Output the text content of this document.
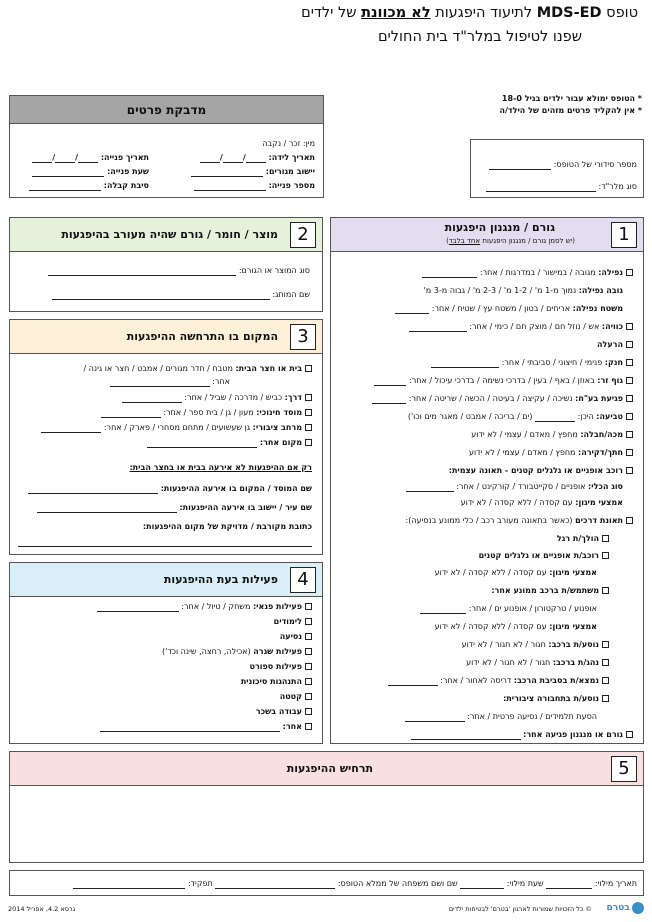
טופס MDS-ED לתיעוד היפגעות לא מכוונת של ילדים
שפנו לטיפול במלר"ד בית החולים
* הטופס ימולא עבור ילדים בגיל 18-0
* אין להקליד פרטים מזהים של הילד/ה
מספר סידורי של הטופס:
סוג מלר"ד:
מדבקת פרטים
מין: זכר / נקבה
תאריך לידה: //
תאריך פנייה: //
יישוב מגורים:
שעת פנייה:
מספר פנייה:
סיבת קבלה:
1
גורם / מנגנון היפגעות
(יש לסמן גורם / מנגנון היפגעות אחד בלבד)
נפילה: מגובה / במישור / במדרגות / אחר:
גובה נפילה: נמוך מ-1 מ' / 1-2 מ' / 2-3 מ' / גבוה מ-3 מ'
משטח נפילה: אריחים / בטון / משטח עץ / שטיח / אחר:
כוויה: אש / נוזל חם / מוצק חם / כימי / אחר:
הרעלה
חנק: פנימי / חיצוני / סביבתי / אחר:
גוף זר: באוזן / באף / בעין / בדרכי נשימה / בדרכי עיכול / אחר:
פגיעת בע"ח: נשיכה / עקיצה / בעיטה / הכשה / שריטה / אחר:
טביעה: היכן:  (ים / בריכה / אמבט / מאגר מים וכו')
מכה/חבלה: מחפץ / מאדם / עצמי / לא ידוע
חתך/דקירה: מחפץ / מאדם / עצמי / לא ידוע
רוכב אופניים או גלגלים קטנים - תאונה עצמית:
סוג הכלי: אופניים / סקייטבורד / קורקינט / אחר:
אמצעי מיגון: עם קסדה / ללא קסדה / לא ידוע
תאונת דרכים (כאשר בתאונה מעורב רכב / כלי ממונע בנסיעה):
הולך/ת רגל
רוכב/ת אופניים או גלגלים קטנים
אמצעי מיגון: עם קסדה / ללא קסדה / לא ידוע
משתמש/ת ברכב ממונע אחר:
אופנוע / טרקטורון / אופנוע ים / אחר:
אמצעי מיגון: עם קסדה / ללא קסדה / לא ידוע
נוסע/ת ברכב: חגור / לא חגור / לא ידוע
נהג/ת ברכב: חגור / לא חגור / לא ידוע
נמצא/ת בסביבת הרכב: דריסה לאחור / אחר:
נוסע/ת בתחבורה ציבורית:
הסעת תלמידים / נסיעה פרטית / אחר:
גורם או מנגנון פגיעה אחר:
2
מוצר / חומר / גורם שהיה מעורב בהיפגעות
סוג המוצר או הגורם:
שם המותג:
3
המקום בו התרחשה ההיפגעות
בית או חצר הבית: מטבח / חדר מגורים / אמבט / חצר או גינה /
אחר:
דרך: כביש / מדרכה / שביל / אחר:
מוסד חינוכי: מעון / גן / בית ספר / אחר:
מרחב ציבורי: גן שעשועים / מתחם מסחרי / פארק / אחר:
מקום אחר:
רק אם ההיפגעות לא אירעה בבית או בחצר הבית:
שם המוסד / המקום בו אירעה ההיפגעות:
שם עיר / יישוב בו אירעה ההיפגעות:
כתובת מקורבת / מדויקת של מקום ההיפגעות:
4
פעילות בעת ההיפגעות
פעילות פנאי: משחק / טיול / אחר:
לימודים
נסיעה
פעילות שגרה (אכילה, רחצה, שינה וכד')
פעילות ספורט
התנהגות סיכונית
קטטה
עבודה בשכר
אחר:
5
תרחיש ההיפגעות
תאריך מילוי:  שעת מילוי:  שם ושם משפחה של ממלא הטופס:  תפקיד:
בטרם
© כל הזכויות שמורות לארגון 'בטרם' לבטיחות ילדים
גרסא 4.2, אפריל 2014
